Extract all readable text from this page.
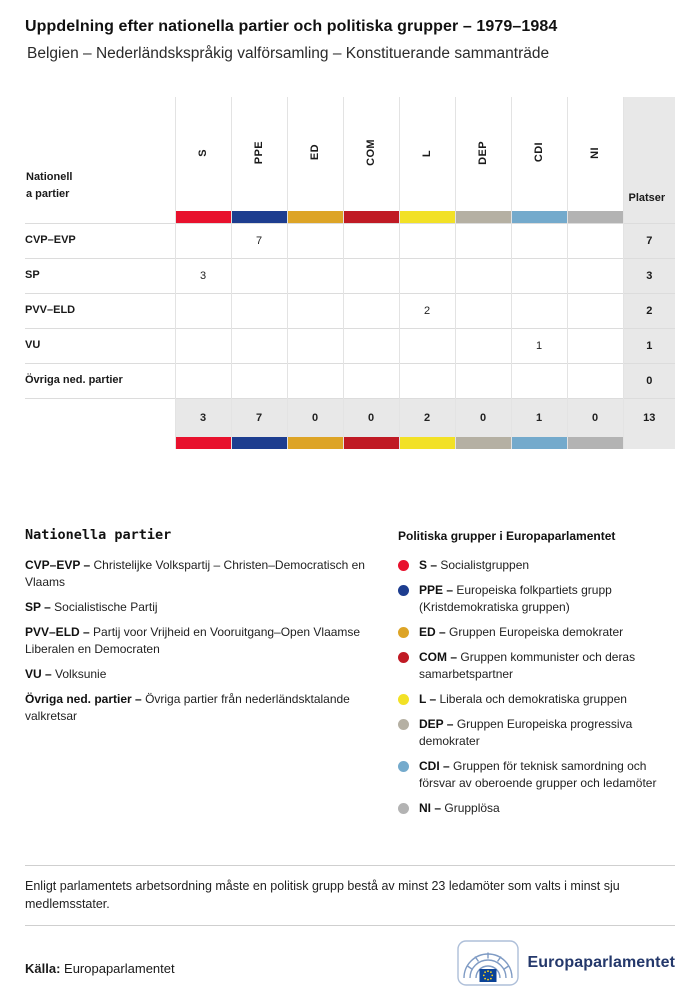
Uppdelning efter nationella partier och politiska grupper – 1979–1984
Belgien – Nederländskspråkig valförsamling – Konstituerande sammanträde
Nationella partier	S	PPE	ED	COM	L	DEP	CDI	NI	Platser

CVP–EVP		7							7
SP	3								3
PVV–ELD					2				2
VU							1		1
Övriga ned. partier									0
	3	7	0	0	2	0	1	0	13

Nationella partier
CVP–EVP – Christelijke Volkspartij – Christen–Democratisch en Vlaams
SP – Socialistische Partij
PVV–ELD – Partij voor Vrijheid en Vooruitgang–Open Vlaamse Liberalen en Democraten
VU – Volksunie
Övriga ned. partier – Övriga partier från nederländsktalande valkretsar
Politiska grupper i Europaparlamentet
S – Socialistgruppen
PPE – Europeiska folkpartiets grupp (Kristdemokratiska gruppen)
ED – Gruppen Europeiska demokrater
COM – Gruppen kommunister och deras samarbetspartner
L – Liberala och demokratiska gruppen
DEP – Gruppen Europeiska progressiva demokrater
CDI – Gruppen för teknisk samordning och försvar av oberoende grupper och ledamöter
NI – Grupplösa
Enligt parlamentets arbetsordning måste en politisk grupp bestå av minst 23 ledamöter som valts i minst sju medlemsstater.
Källa: Europaparlamentet	Europaparlamentet
